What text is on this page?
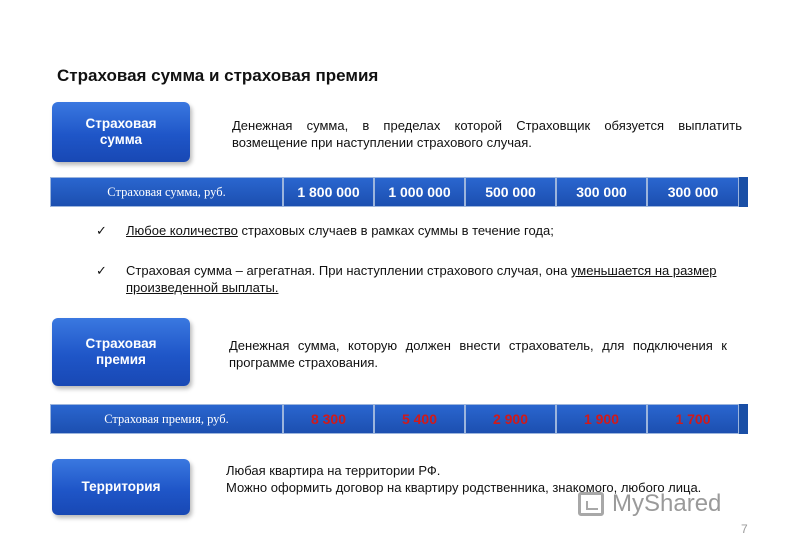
Страховая сумма и страховая премия
Страховая
сумма
Денежная сумма, в пределах которой Страховщик обязуется выплатить возмещение при наступлении страхового случая.
Страховая сумма, руб.	1 800 000	1 000 000	500 000	300 000	300 000
✓ Любое количество страховых случаев в рамках суммы в течение года;
✓ Страховая сумма – агрегатная. При наступлении страхового случая, она уменьшается на размер произведенной выплаты.
Страховая
премия
Денежная сумма, которую должен внести страхователь, для подключения к программе страхования.
Страховая премия, руб.	8 300	5 400	2 900	1 900	1 700
Территория
Любая квартира на территории РФ.
Можно оформить договор на квартиру родственника, знакомого, любого лица.
MyShared
7
